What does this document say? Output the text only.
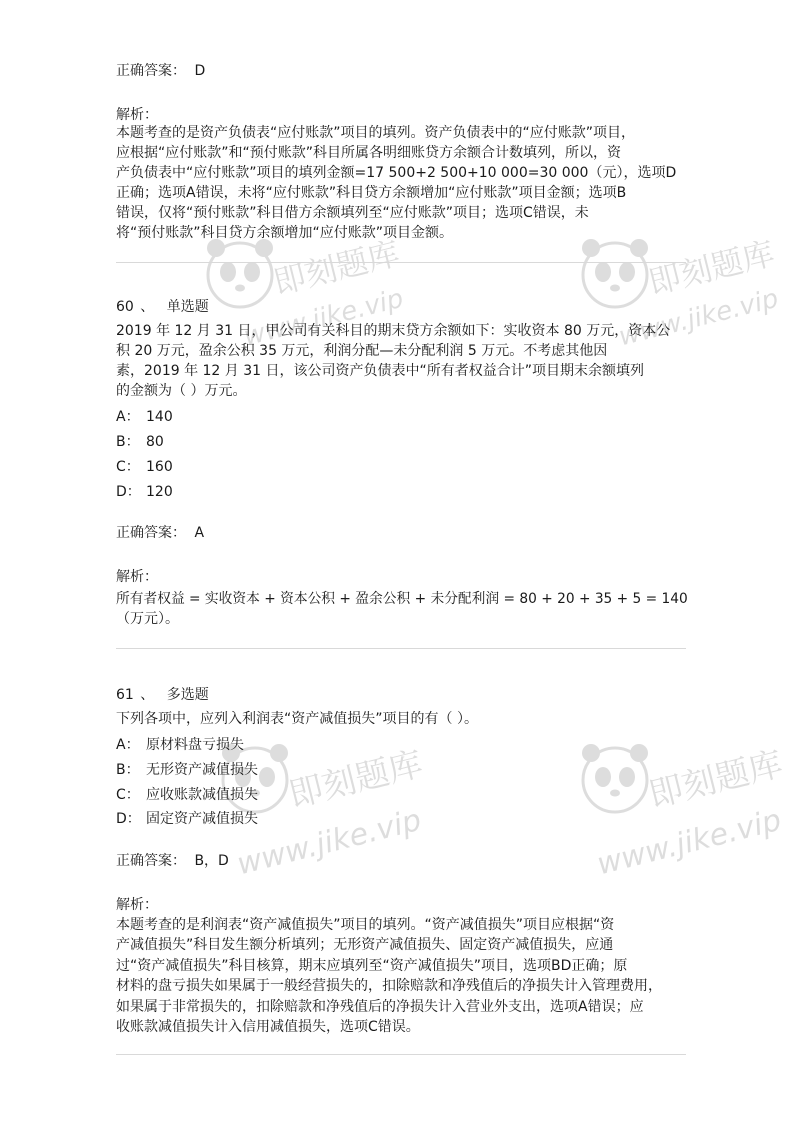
即刻题库
www.jike.vip
即刻题库
www.jike.vip
即刻题库
www.jike.vip
即刻题库
www.jike.vip
正确答案： D
解析：
本题考查的是资产负债表“应付账款”项目的填列。资产负债表中的“应付账款”项目，
应根据“应付账款”和“预付账款”科目所属各明细账贷方余额合计数填列，所以，资
产负债表中“应付账款”项目的填列金额=17 500+2 500+10 000=30 000（元），选项D
正确；选项A错误，未将“应付账款”科目贷方余额增加“应付账款”项目金额；选项B
错误，仅将“预付账款”科目借方余额填列至“应付账款”项目；选项C错误，未
将“预付账款”科目贷方余额增加“应付账款”项目金额。
60 、 单选题
2019 年 12 月 31 日，甲公司有关科目的期末贷方余额如下：实收资本 80 万元，资本公
积 20 万元，盈余公积 35 万元，利润分配—未分配利润 5 万元。不考虑其他因
素，2019 年 12 月 31 日，该公司资产负债表中“所有者权益合计”项目期末余额填列
的金额为（ ）万元。
A： 140
B： 80
C： 160
D： 120
正确答案： A
解析：
所有者权益 = 实收资本 + 资本公积 + 盈余公积 + 未分配利润 = 80 + 20 + 35 + 5 = 140
（万元）。
61 、 多选题
下列各项中，应列入利润表“资产减值损失”项目的有（ ）。
A： 原材料盘亏损失
B： 无形资产减值损失
C： 应收账款减值损失
D： 固定资产减值损失
正确答案： B，D
解析：
本题考查的是利润表“资产减值损失”项目的填列。“资产减值损失”项目应根据“资
产减值损失”科目发生额分析填列；无形资产减值损失、固定资产减值损失，应通
过“资产减值损失”科目核算，期末应填列至“资产减值损失”项目，选项BD正确；原
材料的盘亏损失如果属于一般经营损失的，扣除赔款和净残值后的净损失计入管理费用，
如果属于非常损失的，扣除赔款和净残值后的净损失计入营业外支出，选项A错误；应
收账款减值损失计入信用减值损失，选项C错误。
